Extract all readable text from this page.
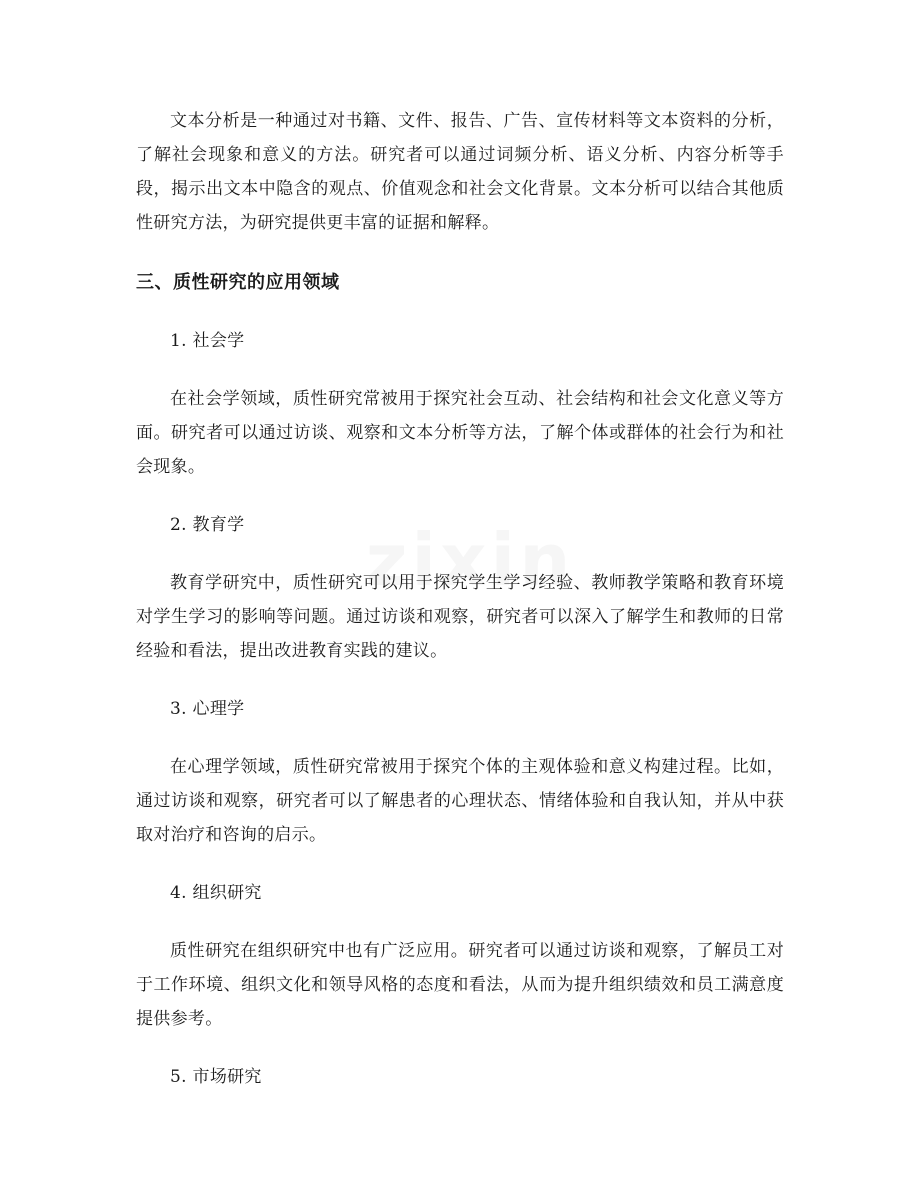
文本分析是一种通过对书籍、文件、报告、广告、宣传材料等文本资料的分析，了解社会现象和意义的方法。研究者可以通过词频分析、语义分析、内容分析等手段，揭示出文本中隐含的观点、价值观念和社会文化背景。文本分析可以结合其他质性研究方法，为研究提供更丰富的证据和解释。

三、质性研究的应用领域

1. 社会学

在社会学领域，质性研究常被用于探究社会互动、社会结构和社会文化意义等方面。研究者可以通过访谈、观察和文本分析等方法，了解个体或群体的社会行为和社会现象。

2. 教育学

教育学研究中，质性研究可以用于探究学生学习经验、教师教学策略和教育环境对学生学习的影响等问题。通过访谈和观察，研究者可以深入了解学生和教师的日常经验和看法，提出改进教育实践的建议。

3. 心理学

在心理学领域，质性研究常被用于探究个体的主观体验和意义构建过程。比如，通过访谈和观察，研究者可以了解患者的心理状态、情绪体验和自我认知，并从中获取对治疗和咨询的启示。

4. 组织研究

质性研究在组织研究中也有广泛应用。研究者可以通过访谈和观察，了解员工对于工作环境、组织文化和领导风格的态度和看法，从而为提升组织绩效和员工满意度提供参考。

5. 市场研究
